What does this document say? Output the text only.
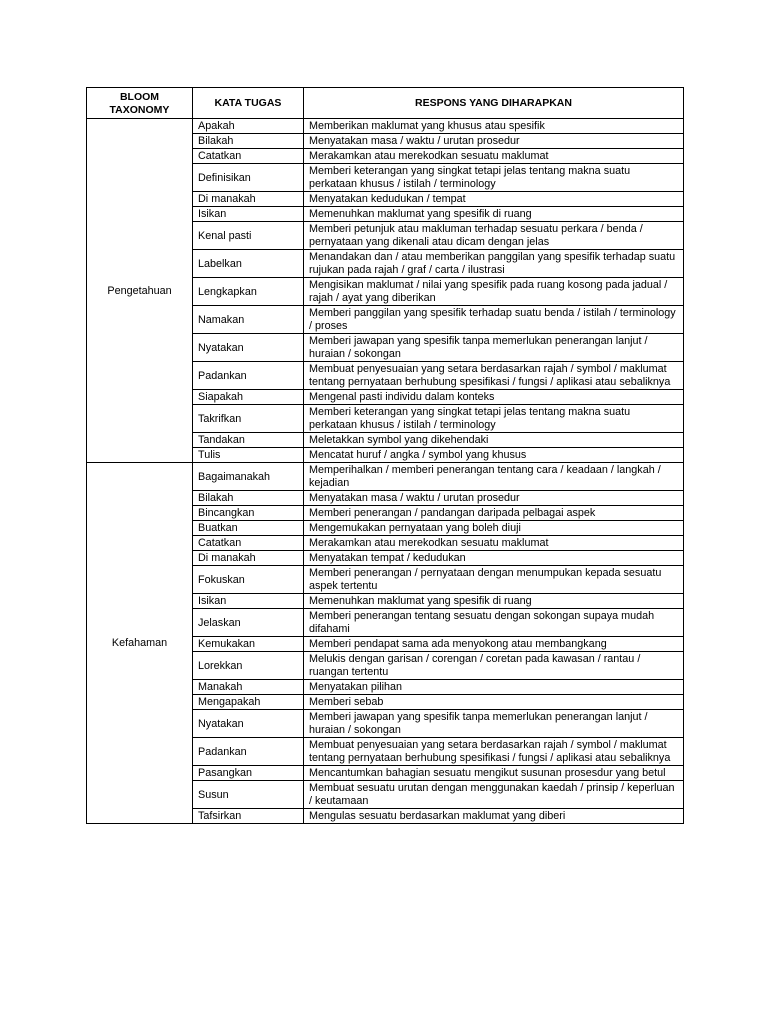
BLOOM TAXONOMY	KATA TUGAS	RESPONS YANG DIHARAPKAN
Pengetahuan	Apakah	Memberikan maklumat yang khusus atau spesifik
	Bilakah	Menyatakan masa / waktu / urutan prosedur
	Catatkan	Merakamkan atau merekodkan sesuatu maklumat
	Definisikan	Memberi keterangan yang singkat tetapi jelas tentang makna suatu perkataan khusus / istilah / terminology
	Di manakah	Menyatakan kedudukan / tempat
	Isikan	Memenuhkan maklumat yang spesifik di ruang
	Kenal pasti	Memberi petunjuk atau makluman terhadap sesuatu perkara / benda / pernyataan yang dikenali atau dicam dengan jelas
	Labelkan	Menandakan dan / atau memberikan panggilan yang spesifik terhadap suatu rujukan pada rajah / graf / carta / ilustrasi
	Lengkapkan	Mengisikan maklumat / nilai yang spesifik pada ruang kosong pada jadual / rajah / ayat yang diberikan
	Namakan	Memberi panggilan yang spesifik terhadap suatu benda / istilah / terminology / proses
	Nyatakan	Memberi jawapan yang spesifik tanpa memerlukan penerangan lanjut / huraian / sokongan
	Padankan	Membuat penyesuaian yang setara berdasarkan rajah / symbol / maklumat tentang pernyataan berhubung spesifikasi / fungsi / aplikasi atau sebaliknya
	Siapakah	Mengenal pasti individu dalam konteks
	Takrifkan	Memberi keterangan yang singkat tetapi jelas tentang makna suatu perkataan khusus / istilah / terminology
	Tandakan	Meletakkan symbol yang dikehendaki
	Tulis	Mencatat huruf / angka / symbol yang khusus
Kefahaman	Bagaimanakah	Memperihalkan / memberi penerangan tentang cara / keadaan / langkah / kejadian
	Bilakah	Menyatakan masa / waktu / urutan prosedur
	Bincangkan	Memberi penerangan / pandangan daripada pelbagai aspek
	Buatkan	Mengemukakan pernyataan yang boleh diuji
	Catatkan	Merakamkan atau merekodkan sesuatu maklumat
	Di manakah	Menyatakan tempat / kedudukan
	Fokuskan	Memberi penerangan / pernyataan dengan menumpukan kepada sesuatu aspek tertentu
	Isikan	Memenuhkan maklumat yang spesifik di ruang
	Jelaskan	Memberi penerangan tentang sesuatu dengan sokongan supaya mudah difahami
	Kemukakan	Memberi pendapat sama ada menyokong atau membangkang
	Lorekkan	Melukis dengan garisan / corengan / coretan pada kawasan / rantau / ruangan tertentu
	Manakah	Menyatakan pilihan
	Mengapakah	Memberi sebab
	Nyatakan	Memberi jawapan yang spesifik tanpa memerlukan penerangan lanjut / huraian / sokongan
	Padankan	Membuat penyesuaian yang setara berdasarkan rajah / symbol / maklumat tentang pernyataan berhubung spesifikasi / fungsi / aplikasi atau sebaliknya
	Pasangkan	Mencantumkan bahagian sesuatu mengikut susunan prosesdur yang betul
	Susun	Membuat sesuatu urutan dengan menggunakan kaedah / prinsip / keperluan / keutamaan
	Tafsirkan	Mengulas sesuatu berdasarkan maklumat yang diberi
